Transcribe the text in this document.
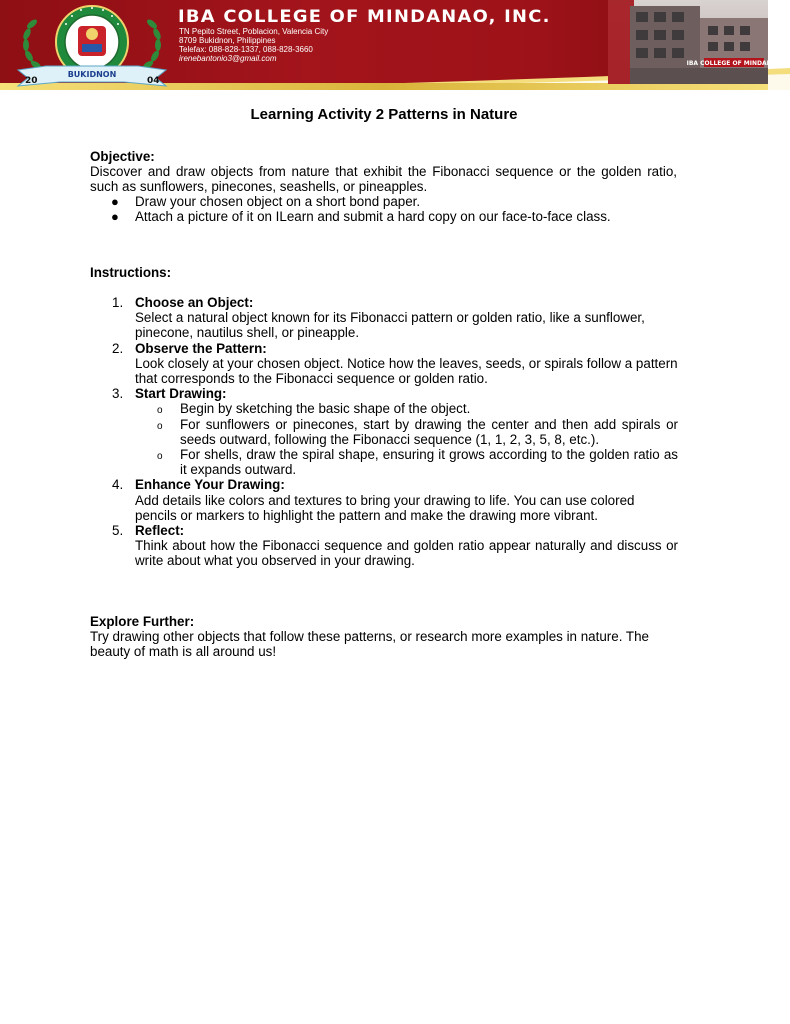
BUKIDNON
20	04
IBA COLLEGE OF MINDANAO, INC.
TN Pepito Street, Poblacion, Valencia City
8709 Bukidnon, Philippines
Telefax: 088-828-1337, 088-828-3660
irenebantonio3@gmail.com
IBA COLLEGE OF MINDANAO
Learning Activity 2 Patterns in Nature
Objective:
Discover and draw objects from nature that exhibit the Fibonacci sequence or the golden ratio, such as sunflowers, pinecones, seashells, or pineapples.
● Draw your chosen object on a short bond paper.
● Attach a picture of it on ILearn and submit a hard copy on our face-to-face class.
Instructions:
1. Choose an Object:
Select a natural object known for its Fibonacci pattern or golden ratio, like a sunflower, pinecone, nautilus shell, or pineapple.
2. Observe the Pattern:
Look closely at your chosen object. Notice how the leaves, seeds, or spirals follow a pattern that corresponds to the Fibonacci sequence or golden ratio.
3. Start Drawing:
o Begin by sketching the basic shape of the object.
o For sunflowers or pinecones, start by drawing the center and then add spirals or seeds outward, following the Fibonacci sequence (1, 1, 2, 3, 5, 8, etc.).
o For shells, draw the spiral shape, ensuring it grows according to the golden ratio as it expands outward.
4. Enhance Your Drawing:
Add details like colors and textures to bring your drawing to life. You can use colored pencils or markers to highlight the pattern and make the drawing more vibrant.
5. Reflect:
Think about how the Fibonacci sequence and golden ratio appear naturally and discuss or write about what you observed in your drawing.
Explore Further:
Try drawing other objects that follow these patterns, or research more examples in nature. The beauty of math is all around us!
